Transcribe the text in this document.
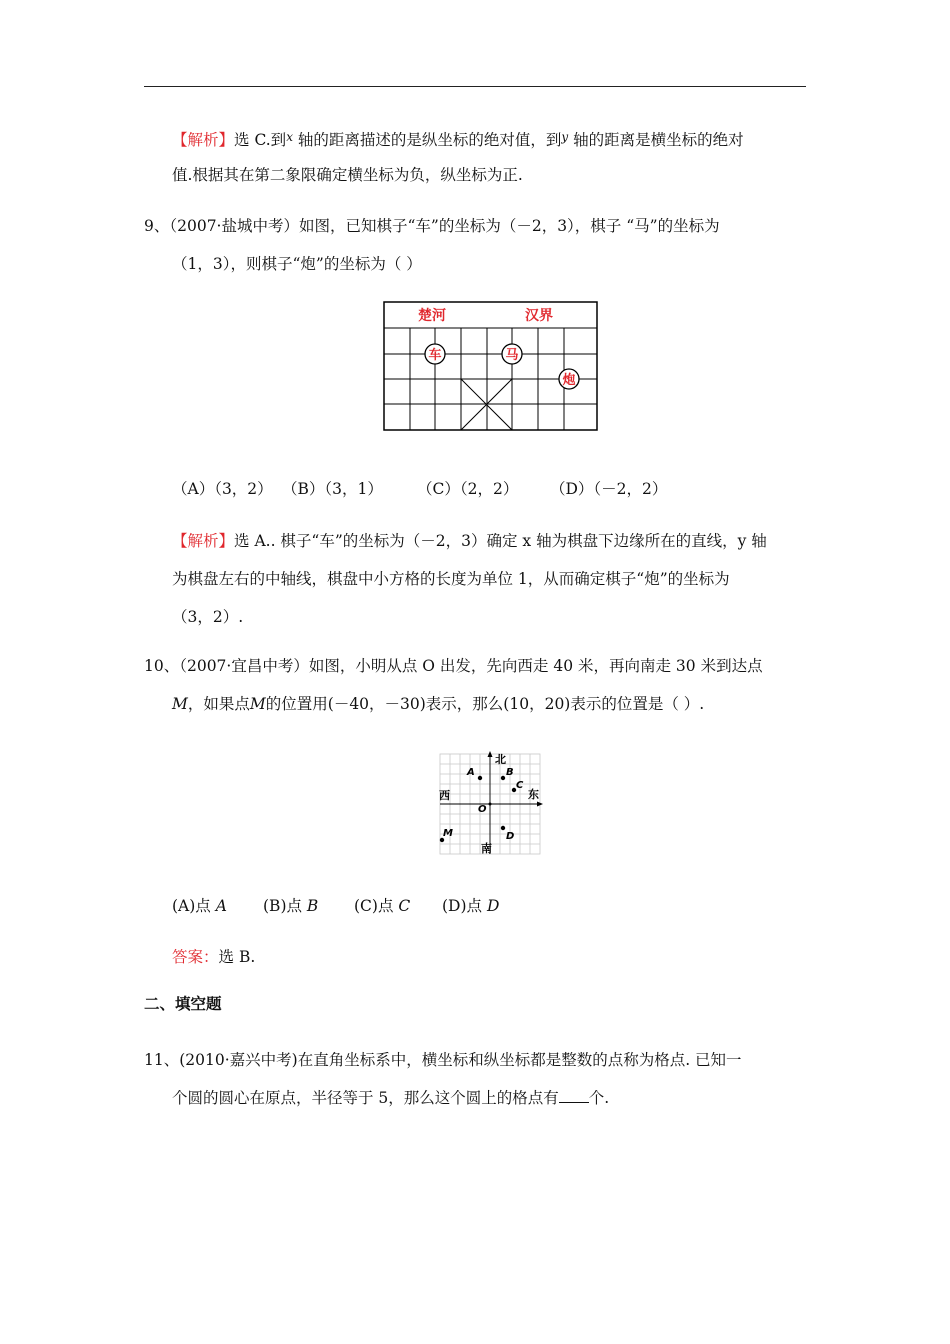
【解析】选 C.到$^x$ 轴的距离描述的是纵坐标的绝对值，到$^y$ 轴的距离是横坐标的绝对

值.根据其在第二象限确定横坐标为负，纵坐标为正.

9、（2007·盐城中考）如图，已知棋子“车”的坐标为（－2，3），棋子 “马”的坐标为

（1，3），则棋子“炮”的坐标为（ ）

楚河	汉界
车	马
炮
（A）（3，2） （B）（3，1） （C）（2，2） （D）（－2，2）

【解析】选 A.. 棋子“车”的坐标为（－2，3）确定 x 轴为棋盘下边缘所在的直线，y 轴

为棋盘左右的中轴线，棋盘中小方格的长度为单位 1，从而确定棋子“炮”的坐标为

（3，2）.

10、（2007·宜昌中考）如图，小明从点 O 出发，先向西走 40 米，再向南走 30 米到达点

M，如果点M的位置用(－40，－30)表示，那么(10，20)表示的位置是（ ）.

北
南
东
西
A	B
C
O
D
M
(A)点 A (B)点 B (C)点 C (D)点 D

答案：选 B.

二、填空题

11、(2010·嘉兴中考)在直角坐标系中，横坐标和纵坐标都是整数的点称为格点. 已知一

个圆的圆心在原点，半径等于 5，那么这个圆上的格点有 个.
